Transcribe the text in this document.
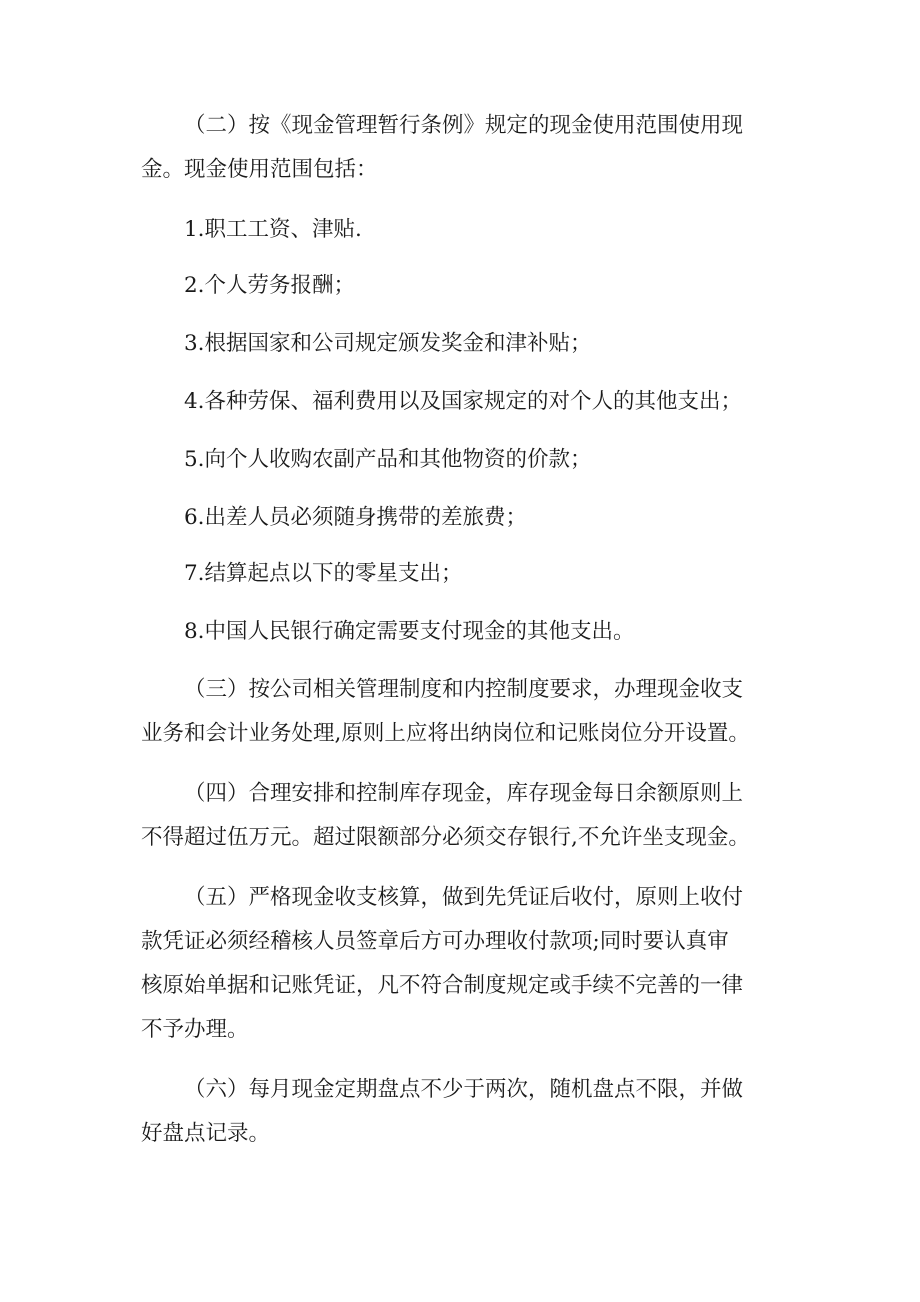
（二）按《现金管理暂行条例》规定的现金使用范围使用现
金。现金使用范围包括：

1.职工工资、津贴.

2.个人劳务报酬；

3.根据国家和公司规定颁发奖金和津补贴；

4.各种劳保、福利费用以及国家规定的对个人的其他支出；

5.向个人收购农副产品和其他物资的价款；

6.出差人员必须随身携带的差旅费；

7.结算起点以下的零星支出；

8.中国人民银行确定需要支付现金的其他支出。

（三）按公司相关管理制度和内控制度要求，办理现金收支
业务和会计业务处理,原则上应将出纳岗位和记账岗位分开设置。

（四）合理安排和控制库存现金，库存现金每日余额原则上
不得超过伍万元。超过限额部分必须交存银行,不允许坐支现金。

（五）严格现金收支核算，做到先凭证后收付，原则上收付
款凭证必须经稽核人员签章后方可办理收付款项;同时要认真审
核原始单据和记账凭证，凡不符合制度规定或手续不完善的一律
不予办理。

（六）每月现金定期盘点不少于两次，随机盘点不限，并做
好盘点记录。
